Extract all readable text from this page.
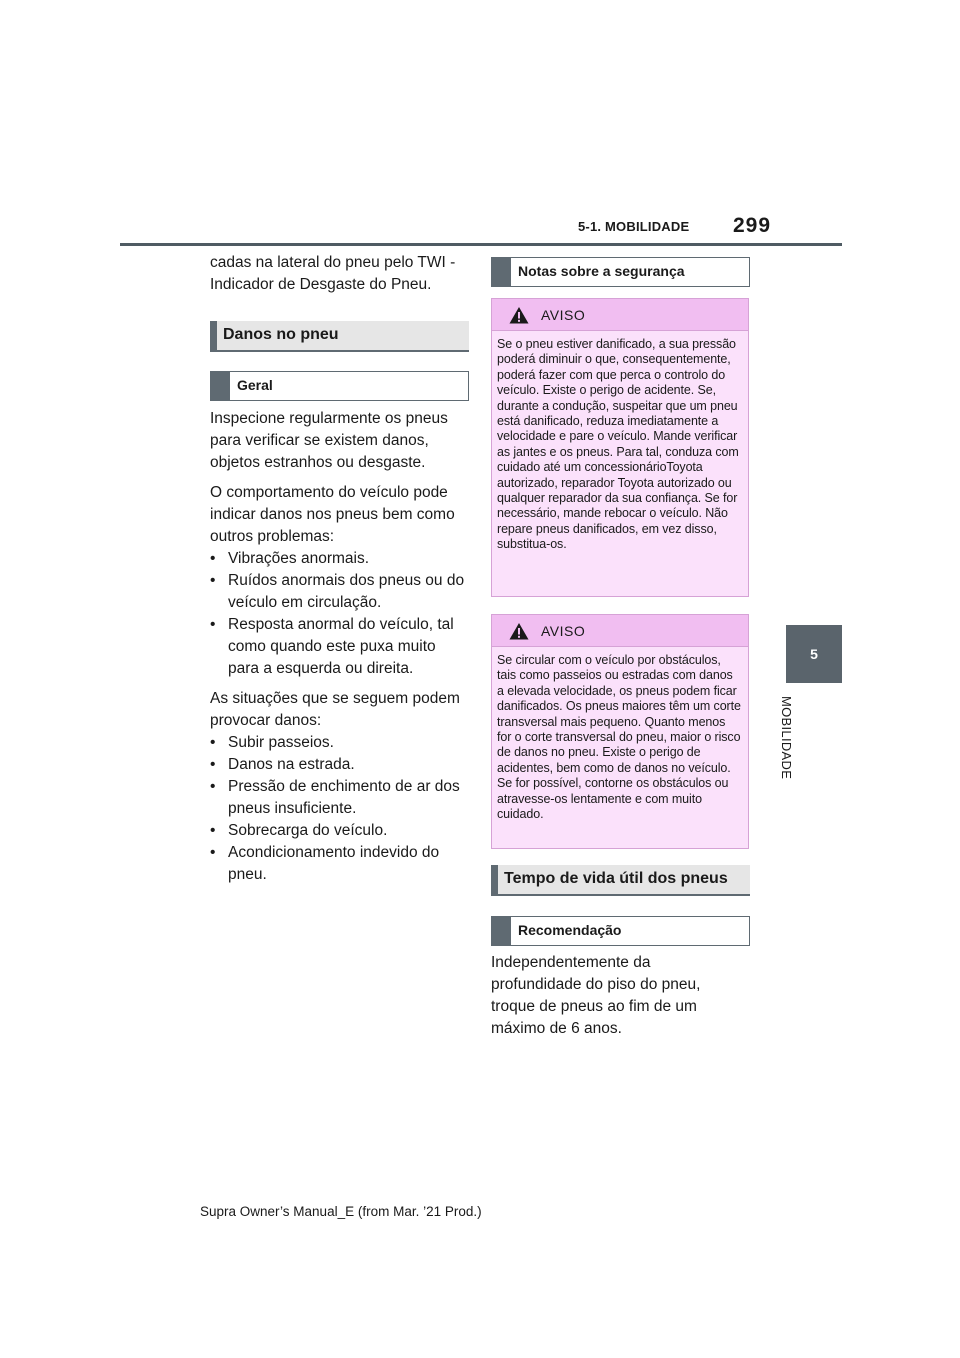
5-1. MOBILIDADE 299
5
MOBILIDADE

cadas na lateral do pneu pelo TWI - Indicador de Desgaste do Pneu.

Danos no pneu
Geral

Inspecione regularmente os pneus para verificar se existem danos, objetos estranhos ou desgaste.

O comportamento do veículo pode indicar danos nos pneus bem como outros problemas:

• Vibrações anormais.
• Ruídos anormais dos pneus ou do veículo em circulação.
• Resposta anormal do veículo, tal como quando este puxa muito para a esquerda ou direita.

As situações que se seguem podem provocar danos:

• Subir passeios.
• Danos na estrada.
• Pressão de enchimento de ar dos pneus insuficiente.
• Sobrecarga do veículo.
• Acondicionamento indevido do pneu.
Notas sobre a segurança
AVISO
Se o pneu estiver danificado, a sua pressão poderá diminuir o que, consequentemente, poderá fazer com que perca o controlo do veículo. Existe o perigo de acidente. Se, durante a condução, suspeitar que um pneu está danificado, reduza imediatamente a velocidade e pare o veículo. Mande verificar as jantes e os pneus. Para tal, conduza com cuidado até um concessionárioToyota autorizado, reparador Toyota autorizado ou qualquer reparador da sua confiança. Se for necessário, mande rebocar o veículo. Não repare pneus danificados, em vez disso, substitua-os.
AVISO
Se circular com o veículo por obstáculos, tais como passeios ou estradas com danos a elevada velocidade, os pneus podem ficar danificados. Os pneus maiores têm um corte transversal mais pequeno. Quanto menos for o corte transversal do pneu, maior o risco de danos no pneu. Existe o perigo de acidentes, bem como de danos no veículo. Se for possível, contorne os obstáculos ou atravesse-os lentamente e com muito cuidado.
Tempo de vida útil dos pneus
Recomendação

Independentemente da profundidade do piso do pneu, troque de pneus ao fim de um máximo de 6 anos.

Supra Owner’s Manual_E (from Mar. ’21 Prod.)
